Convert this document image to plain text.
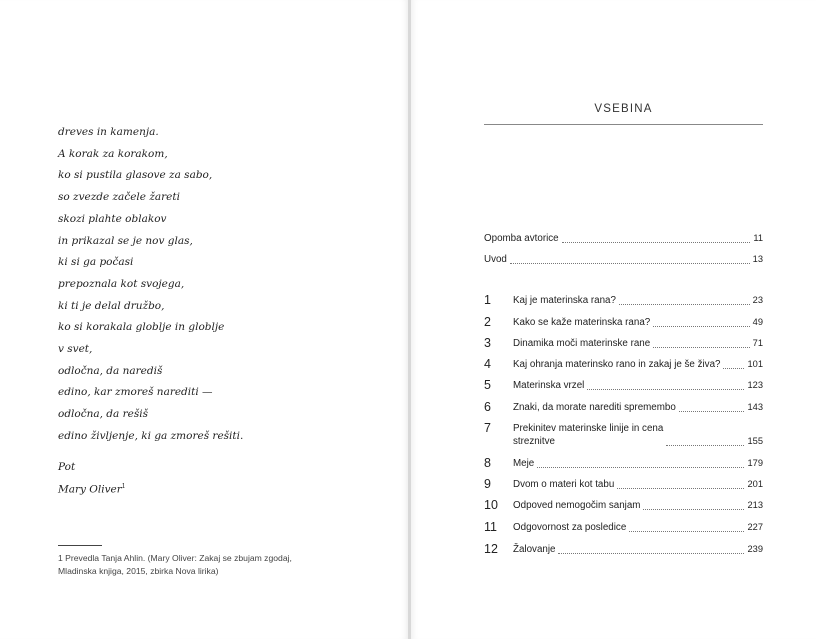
dreves in kamenja.
A korak za korakom,
ko si pustila glasove za sabo,
so zvezde začele žareti
skozi plahte oblakov
in prikazal se je nov glas,
ki si ga počasi
prepoznala kot svojega,
ki ti je delal družbo,
ko si korakala globlje in globlje
v svet,
odločna, da narediš
edino, kar zmoreš narediti —
odločna, da rešiš
edino življenje, ki ga zmoreš rešiti.
Pot
Mary Oliver$^1$
1 Prevedla Tanja Ahlin. (Mary Oliver: Zakaj se zbujam zgodaj,
Mladinska knjiga, 2015, zbirka Nova lirika)
VSEBINA
Opomba avtorice	11
Uvod	13
1	Kaj je materinska rana?	23
2	Kako se kaže materinska rana?	49
3	Dinamika moči materinske rane	71
4	Kaj ohranja materinsko rano in zakaj je še živa?	101
5	Materinska vrzel	123
6	Znaki, da morate narediti spremembo	143
7	Prekinitev materinske linije in cena
streznitve	155
8	Meje	179
9	Dvom o materi kot tabu	201
10	Odpoved nemogočim sanjam	213
11	Odgovornost za posledice	227
12	Žalovanje	239
